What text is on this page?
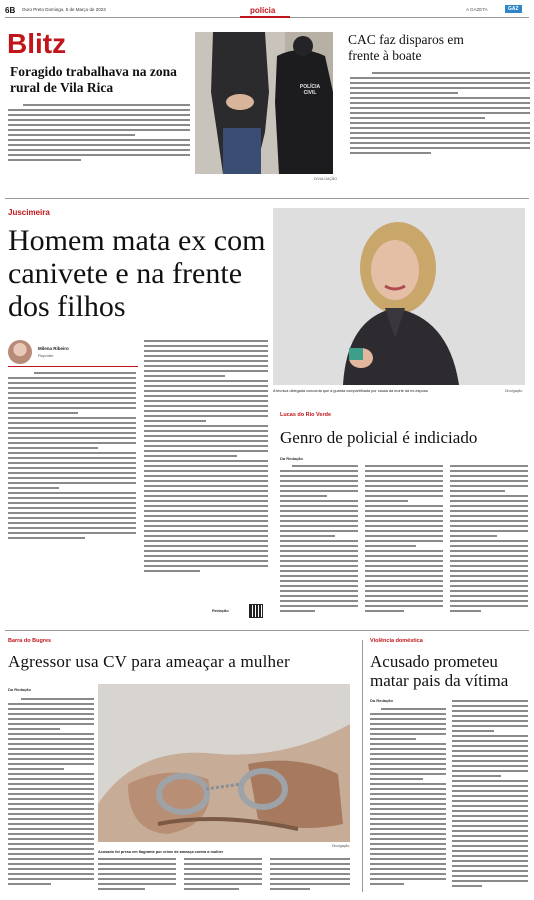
6B Ouro Preto Domingo, 5 de Março de 2023	polícia	A GAZETA	GAZ
Blitz
Foragido trabalhava na zona rural de Vila Rica	POLÍCIA CIVIL
DIVULGAÇÃO
CAC faz disparos em frente à boate
Juscimeira
Homem mata ex com canivete e na frente dos filhos
Milena Ribeiro
Repórter
Redação
A técnica delegada concorda que a guarda compartilhada por causa da morte da ex-esposa	Divulgação
Lucas do Rio Verde
Genro de policial é indiciado
Da Redação
Barra do Bugres
Agressor usa CV para ameaçar a mulher
Da Redação
Acusado foi preso em flagrante por crime de ameaça contra a mulher
Divulgação
Violência doméstica
Acusado prometeu matar pais da vítima
Da Redação
